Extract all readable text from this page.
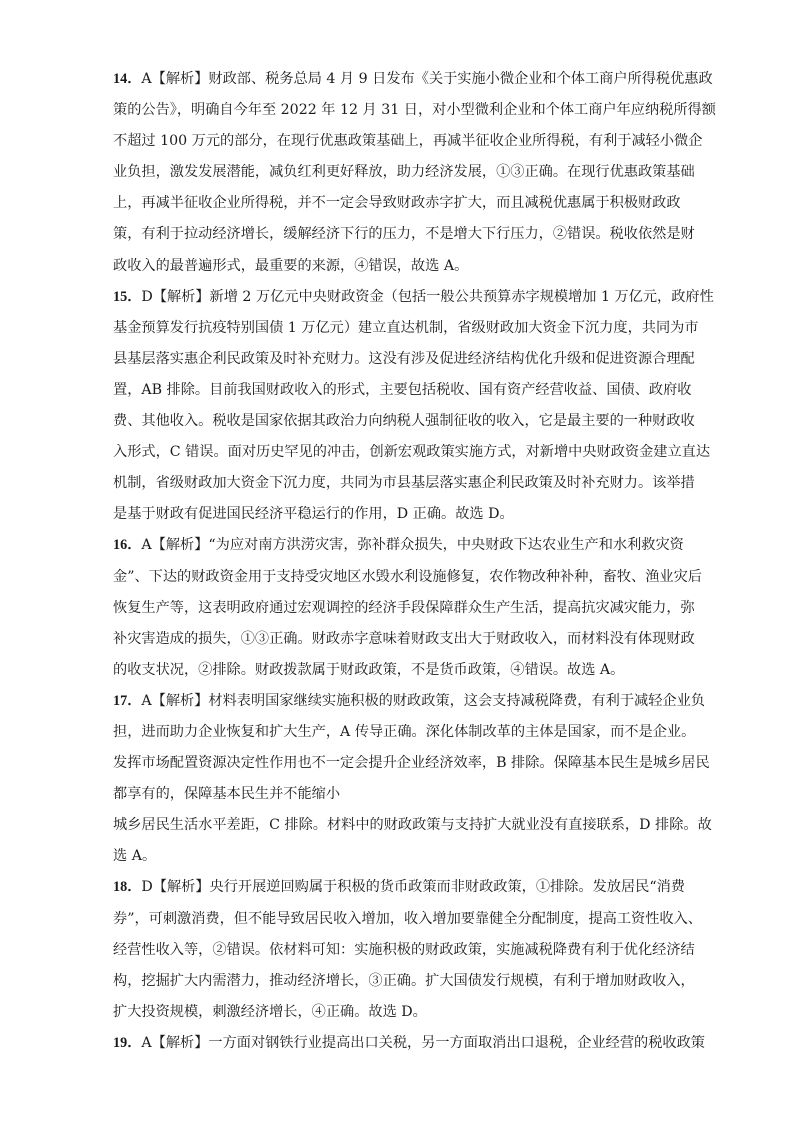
14．A【解析】财政部、税务总局 4 月 9 日发布《关于实施小微企业和个体工商户所得税优惠政
策的公告》，明确自今年至 2022 年 12 月 31 日，对小型微利企业和个体工商户年应纳税所得额
不超过 100 万元的部分，在现行优惠政策基础上，再减半征收企业所得税，有利于减轻小微企
业负担，激发发展潜能，减负红利更好释放，助力经济发展，①③正确。在现行优惠政策基础
上，再减半征收企业所得税，并不一定会导致财政赤字扩大，而且减税优惠属于积极财政政
策，有利于拉动经济增长，缓解经济下行的压力，不是增大下行压力，②错误。税收依然是财
政收入的最普遍形式，最重要的来源，④错误，故选 A。
15．D【解析】新增 2 万亿元中央财政资金（包括一般公共预算赤字规模增加 1 万亿元，政府性
基金预算发行抗疫特别国债 1 万亿元）建立直达机制，省级财政加大资金下沉力度，共同为市
县基层落实惠企利民政策及时补充财力。这没有涉及促进经济结构优化升级和促进资源合理配
置，AB 排除。目前我国财政收入的形式，主要包括税收、国有资产经营收益、国债、政府收
费、其他收入。税收是国家依据其政治力向纳税人强制征收的收入，它是最主要的一种财政收
入形式，C 错误。面对历史罕见的冲击，创新宏观政策实施方式，对新增中央财政资金建立直达
机制，省级财政加大资金下沉力度，共同为市县基层落实惠企利民政策及时补充财力。该举措
是基于财政有促进国民经济平稳运行的作用，D 正确。故选 D。
16．A【解析】“为应对南方洪涝灾害，弥补群众损失，中央财政下达农业生产和水利救灾资
金”、下达的财政资金用于支持受灾地区水毁水利设施修复，农作物改种补种，畜牧、渔业灾后
恢复生产等，这表明政府通过宏观调控的经济手段保障群众生产生活，提高抗灾减灾能力，弥
补灾害造成的损失，①③正确。财政赤字意味着财政支出大于财政收入，而材料没有体现财政
的收支状况，②排除。财政拨款属于财政政策，不是货币政策，④错误。故选 A。
17．A【解析】材料表明国家继续实施积极的财政政策，这会支持减税降费，有利于减轻企业负
担，进而助力企业恢复和扩大生产，A 传导正确。深化体制改革的主体是国家，而不是企业。
发挥市场配置资源决定性作用也不一定会提升企业经济效率，B 排除。保障基本民生是城乡居民
都享有的，保障基本民生并不能缩小
城乡居民生活水平差距，C 排除。材料中的财政政策与支持扩大就业没有直接联系，D 排除。故
选 A。
18．D【解析】央行开展逆回购属于积极的货币政策而非财政政策，①排除。发放居民“消费
券”，可刺激消费，但不能导致居民收入增加，收入增加要靠健全分配制度，提高工资性收入、
经营性收入等，②错误。依材料可知：实施积极的财政政策，实施减税降费有利于优化经济结
构，挖掘扩大内需潜力，推动经济增长，③正确。扩大国债发行规模，有利于增加财政收入，
扩大投资规模，刺激经济增长，④正确。故选 D。
19．A【解析】一方面对钢铁行业提高出口关税，另一方面取消出口退税，企业经营的税收政策
